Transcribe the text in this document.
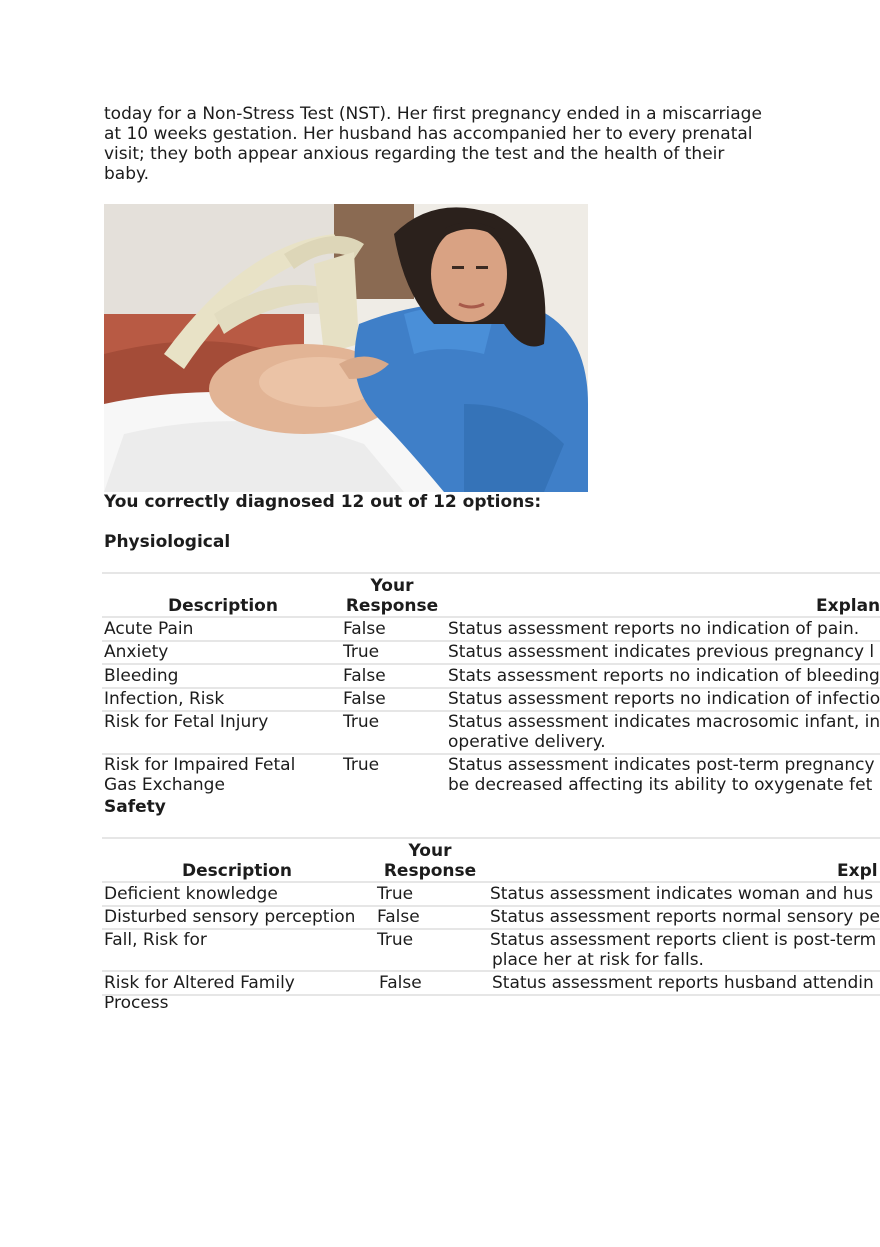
today for a Non-Stress Test (NST). Her first pregnancy ended in a miscarriage
at 10 weeks gestation. Her husband has accompanied her to every prenatal
visit; they both appear anxious regarding the test and the health of their
baby.

You correctly diagnosed 12 out of 12 options:
Physiological
Description
Your
Response	Explan
Acute Pain	False	Status assessment reports no indication of pain.
Anxiety	True	Status assessment indicates previous pregnancy l
Bleeding	False	Stats assessment reports no indication of bleeding
Infection, Risk	False	Status assessment reports no indication of infectio
Risk for Fetal Injury	True	Status assessment indicates macrosomic infant, in
operative delivery.
Risk for Impaired Fetal
Gas Exchange
True	Status assessment indicates post-term pregnancy
be decreased affecting its ability to oxygenate fet
Safety
Description
Your
Response	Expl
Deficient knowledge	True	Status assessment indicates woman and hus
Disturbed sensory perception False	Status assessment reports normal sensory pe
Fall, Risk for	True	Status assessment reports client is post-term
place her at risk for falls.
Risk for Altered Family
Process
False	Status assessment reports husband attendin
